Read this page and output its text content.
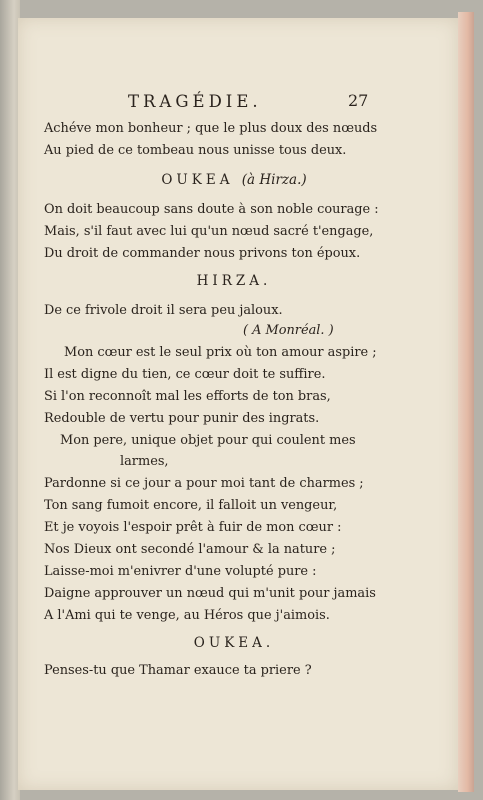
TRAGÉDIE.	27
Achéve mon bonheur ; que le plus doux des nœuds
Au pied de ce tombeau nous unisse tous deux.
OUKEA (à Hirza.)
On doit beaucoup sans doute à son noble courage :
Mais, s'il faut avec lui qu'un nœud sacré t'engage,
Du droit de commander nous privons ton époux.
HIRZA.
De ce frivole droit il sera peu jaloux.
( A Monréal. )
Mon cœur est le seul prix où ton amour aspire ;
Il est digne du tien, ce cœur doit te suffire.
Si l'on reconnoît mal les efforts de ton bras,
Redouble de vertu pour punir des ingrats.
Mon pere, unique objet pour qui coulent mes
larmes,
Pardonne si ce jour a pour moi tant de charmes ;
Ton sang fumoit encore, il falloit un vengeur,
Et je voyois l'espoir prêt à fuir de mon cœur :
Nos Dieux ont secondé l'amour & la nature ;
Laisse-moi m'enivrer d'une volupté pure :
Daigne approuver un nœud qui m'unit pour jamais
A l'Ami qui te venge, au Héros que j'aimois.
OUKEA.
Penses-tu que Thamar exauce ta priere ?
